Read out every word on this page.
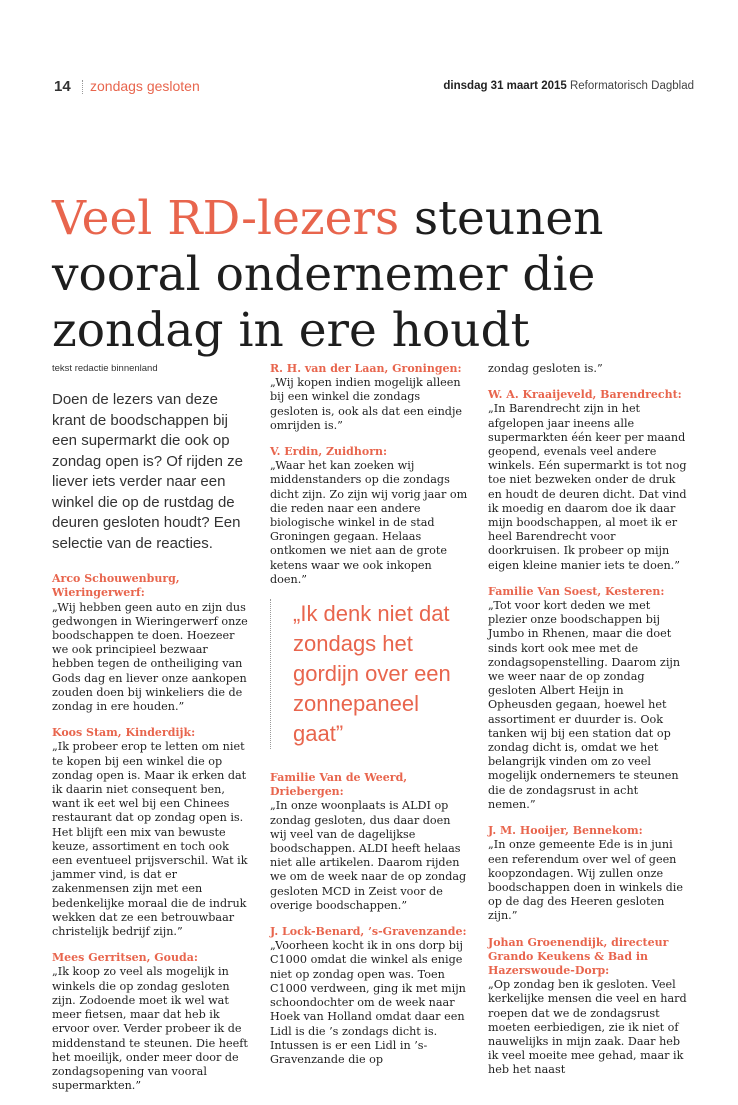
14 zondags gesloten	dinsdag 31 maart 2015 Reformatorisch Dagblad
Veel RD-lezers steunen vooral ondernemer die zondag in ere houdt
tekst redactie binnenland
Doen de lezers van deze krant de boodschappen bij een supermarkt die ook op zondag open is? Of rijden ze liever iets verder naar een winkel die op de rustdag de deuren gesloten houdt? Een selectie van de reacties.

Arco Schouwenburg, Wieringerwerf:

„Wij hebben geen auto en zijn dus gedwongen in Wieringerwerf onze boodschappen te doen. Hoezeer we ook principieel bezwaar hebben tegen de ontheiliging van Gods dag en liever onze aankopen zouden doen bij winkeliers die de zondag in ere houden.”

Koos Stam, Kinderdijk:

„Ik probeer erop te letten om niet te kopen bij een winkel die op zondag open is. Maar ik erken dat ik daarin niet consequent ben, want ik eet wel bij een Chinees restaurant dat op zondag open is. Het blijft een mix van bewuste keuze, assortiment en toch ook een eventueel prijsverschil. Wat ik jammer vind, is dat er zakenmensen zijn met een bedenkelijke moraal die de indruk wekken dat ze een betrouwbaar christelijk bedrijf zijn.”

Mees Gerritsen, Gouda:

„Ik koop zo veel als mogelijk in winkels die op zondag gesloten zijn. Zodoende moet ik wel wat meer fietsen, maar dat heb ik ervoor over. Verder probeer ik de middenstand te steunen. Die heeft het moeilijk, onder meer door de zondagsopening van vooral supermarkten.”

R. H. van der Laan, Groningen:

„Wij kopen indien mogelijk alleen bij een winkel die zondags gesloten is, ook als dat een eindje omrijden is.”

V. Erdin, Zuidhorn:

„Waar het kan zoeken wij middenstanders op die zondags dicht zijn. Zo zijn wij vorig jaar om die reden naar een andere biologische winkel in de stad Groningen gegaan. Helaas ontkomen we niet aan de grote ketens waar we ook inkopen doen.”

„Ik denk niet dat zondags het gordijn over een zonnepaneel gaat”

Familie Van de Weerd, Driebergen:

„In onze woonplaats is ALDI op zondag gesloten, dus daar doen wij veel van de dagelijkse boodschappen. ALDI heeft helaas niet alle artikelen. Daarom rijden we om de week naar de op zondag gesloten MCD in Zeist voor de overige boodschappen.”

J. Lock-Benard, ’s-Gravenzande:

„Voorheen kocht ik in ons dorp bij C1000 omdat die winkel als enige niet op zondag open was. Toen C1000 verdween, ging ik met mijn schoondochter om de week naar Hoek van Holland omdat daar een Lidl is die ’s zondags dicht is. Intussen is er een Lidl in ’s-Gravenzande die op

zondag gesloten is.”

W. A. Kraaijeveld, Barendrecht:

„In Barendrecht zijn in het afgelopen jaar ineens alle supermarkten één keer per maand geopend, evenals veel andere winkels. Eén supermarkt is tot nog toe niet bezweken onder de druk en houdt de deuren dicht. Dat vind ik moedig en daarom doe ik daar mijn boodschappen, al moet ik er heel Barendrecht voor doorkruisen. Ik probeer op mijn eigen kleine manier iets te doen.”

Familie Van Soest, Kesteren:

„Tot voor kort deden we met plezier onze boodschappen bij Jumbo in Rhenen, maar die doet sinds kort ook mee met de zondagsopenstelling. Daarom zijn we weer naar de op zondag gesloten Albert Heijn in Opheusden gegaan, hoewel het assortiment er duurder is. Ook tanken wij bij een station dat op zondag dicht is, omdat we het belangrijk vinden om zo veel mogelijk ondernemers te steunen die de zondagsrust in acht nemen.”

J. M. Hooijer, Bennekom:

„In onze gemeente Ede is in juni een referendum over wel of geen koopzondagen. Wij zullen onze boodschappen doen in winkels die op de dag des Heeren gesloten zijn.”

Johan Groenendijk, directeur Grando Keukens & Bad in Hazerswoude-Dorp:

„Op zondag ben ik gesloten. Veel kerkelijke mensen die veel en hard roepen dat we de zondagsrust moeten eerbiedigen, zie ik niet of nauwelijks in mijn zaak. Daar heb ik veel moeite mee gehad, maar ik heb het naast
